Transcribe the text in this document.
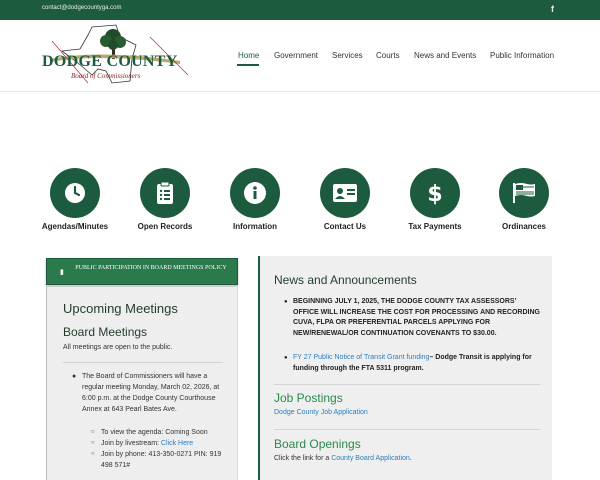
contact@dodgecountyga.com	f
DODGE COUNTY
Board of Commissioners
Home Government Services Courts News and Events Public Information
Agendas/Minutes	Open Records	Information	Contact Us
$
Tax Payments	Ordinances
▮
PUBLIC PARTICIPATION IN BOARD MEETINGS POLICY
Upcoming Meetings
Board Meetings
All meetings are open to the public.
● The Board of Commissioners will have a regular meeting Monday, March 02, 2026, at 6:00 p.m. at the Dodge County Courthouse Annex at 643 Pearl Bates Ave.
○ To view the agenda: Coming Soon
○ Join by livestream: Click Here
○ Join by phone: 413-350-0271 PIN: 919 498 571#
News and Announcements
● BEGINNING JULY 1, 2025, THE DODGE COUNTY TAX ASSESSORS' OFFICE WILL INCREASE THE COST FOR PROCESSING AND RECORDING CUVA, FLPA OR PREFERENTIAL PARCELS APPLYING FOR NEW/RENEWAL/OR CONTINUATION COVENANTS TO $30.00.
● FY 27 Public Notice of Transit Grant funding– Dodge Transit is applying for funding through the FTA 5311 program.
Job Postings
Dodge County Job Application
Board Openings
Click the link for a County Board Application.
